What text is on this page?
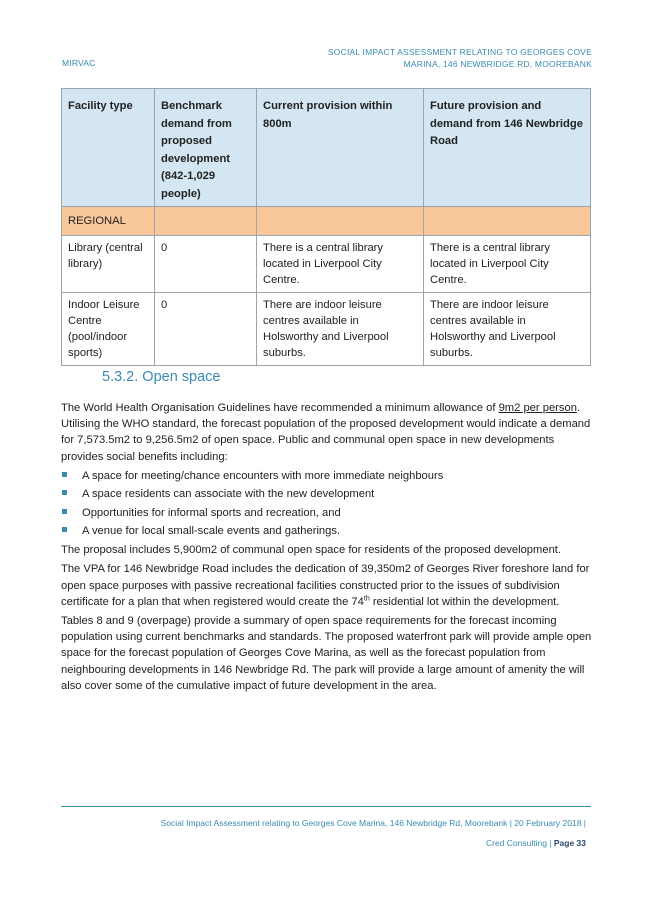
MIRVAC
SOCIAL IMPACT ASSESSMENT RELATING TO GEORGES COVE
MARINA, 146 NEWBRIDGE RD, MOOREBANK
Facility type	Benchmark demand from proposed development (842-1,029 people)	Current provision within 800m	Future provision and demand from 146 Newbridge Road
REGIONAL			
Library (central library)	0	There is a central library located in Liverpool City Centre.	There is a central library located in Liverpool City Centre.
Indoor Leisure Centre (pool/indoor sports)	0	There are indoor leisure centres available in Holsworthy and Liverpool suburbs.	There are indoor leisure centres available in Holsworthy and Liverpool suburbs.
5.3.2. Open space

The World Health Organisation Guidelines have recommended a minimum allowance of 9m2 per person. Utilising the WHO standard, the forecast population of the proposed development would indicate a demand for 7,573.5m2 to 9,256.5m2 of open space. Public and communal open space in new developments provides social benefits including:

A space for meeting/chance encounters with more immediate neighbours
A space residents can associate with the new development
Opportunities for informal sports and recreation, and
A venue for local small-scale events and gatherings.

The proposal includes 5,900m2 of communal open space for residents of the proposed development.

The VPA for 146 Newbridge Road includes the dedication of 39,350m2 of Georges River foreshore land for open space purposes with passive recreational facilities constructed prior to the issues of subdivision certificate for a plan that when registered would create the 74th residential lot within the development.

Tables 8 and 9 (overpage) provide a summary of open space requirements for the forecast incoming population using current benchmarks and standards. The proposed waterfront park will provide ample open space for the forecast population of Georges Cove Marina, as well as the forecast population from neighbouring developments in 146 Newbridge Rd. The park will provide a large amount of amenity the will also cover some of the cumulative impact of future development in the area.

Social Impact Assessment relating to Georges Cove Marina, 146 Newbridge Rd, Moorebank | 20 February 2018 |
Cred Consulting | Page 33
